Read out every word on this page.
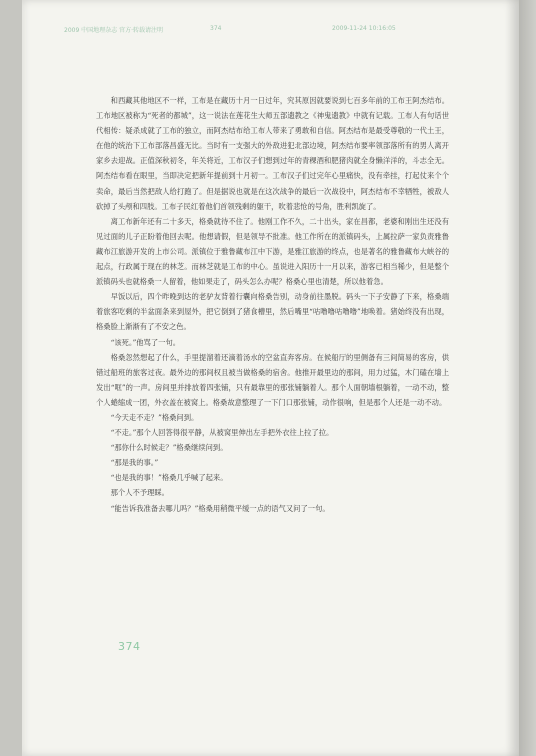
2009 中国地理杂志 官方·转载请注明	374	2009-11-24 10:16:05

和西藏其他地区不一样，工布是在藏历十月一日过年，究其原因就要说到七百多年前的工布王阿杰结布。工布地区被称为“死者的都城”，这一说法在莲花生大师五部遗教之《神鬼遗教》中就有记载。工布人有句话世代相传：疑杀成就了工布的独立，而阿杰结布给工布人带来了勇敢和自信。阿杰结布是最受尊敬的一代土王，在他的统治下工布部落昌盛无比。当时有一支强大的外敌进犯北部边境，阿杰结布要率领部落所有的男人离开家乡去迎战。正值深秋初冬，年关将近，工布汉子们想到过年的青稞酒和肥猪肉就全身懒洋洋的，斗志全无。阿杰结布看在眼里，当即决定把新年提前到十月初一。工布汉子们过完年心里痛快，没有牵挂，打起仗来个个卖命，最后当然把敌人给打跑了。但是据说也就是在这次战争的最后一次战役中，阿杰结布不幸牺牲，被敌人砍掉了头颅和四肢。工布子民红着他们首领残剩的躯干，吹着悲怆的号角，胜利凯旋了。

离工布新年还有二十多天，格桑就待不住了。他刚工作不久，二十出头，家在昌都，老婆和刚出生还没有见过面的儿子正盼着他回去呢。他想请假，但是领导不批准。他工作所在的派镇码头，上属拉萨一家负责雅鲁藏布江旅游开发的上市公司。派镇位于雅鲁藏布江中下游，是雅江旅游的终点，也是著名的雅鲁藏布大峡谷的起点，行政属于现在的林芝。而林芝就是工布的中心。虽说进入阳历十一月以来，游客已相当稀少，但是整个派镇码头也就格桑一人留着，他如果走了，码头怎么办呢？格桑心里也清楚，所以他着急。

早饭以后，四个昨晚到达的老驴友背着行囊向格桑告别，动身前往墨脱。码头一下子安静了下来，格桑端着旅客吃剩的半盆面条来到屋外，把它倒到了猪食槽里，然后嘴里“咕噜噜咕噜噜”地唤着。猪始终没有出现，格桑脸上渐渐有了不安之色。

“该死。”他骂了一句。

格桑忽然想起了什么，手里提溜着还滴着汤水的空盆直奔客房。在候船厅的里侧备有三间简易的客房，供错过船班的旅客过夜。最外边的那间权且被当做格桑的宿舍。他推开最里边的那间，用力过猛，木门磕在墙上发出“哐”的一声。房间里并排放着四张铺，只有最靠里的那张铺躺着人。那个人面朝墙根躺着，一动不动，整个人蜷缩成一团，外衣盖在被窝上。格桑故意整理了一下门口那张铺，动作很响，但是那个人还是一动不动。

“今天走不走？”格桑问到。

“不走。”那个人回答得很平静，从被窝里伸出左手把外衣往上拉了拉。

“那你什么时候走？”格桑继续问到。

“那是我的事。”

“也是我的事！”格桑几乎喊了起来。

那个人不予理睬。

“能告诉我准备去哪儿吗？”格桑用稍微平缓一点的语气又问了一句。

374
